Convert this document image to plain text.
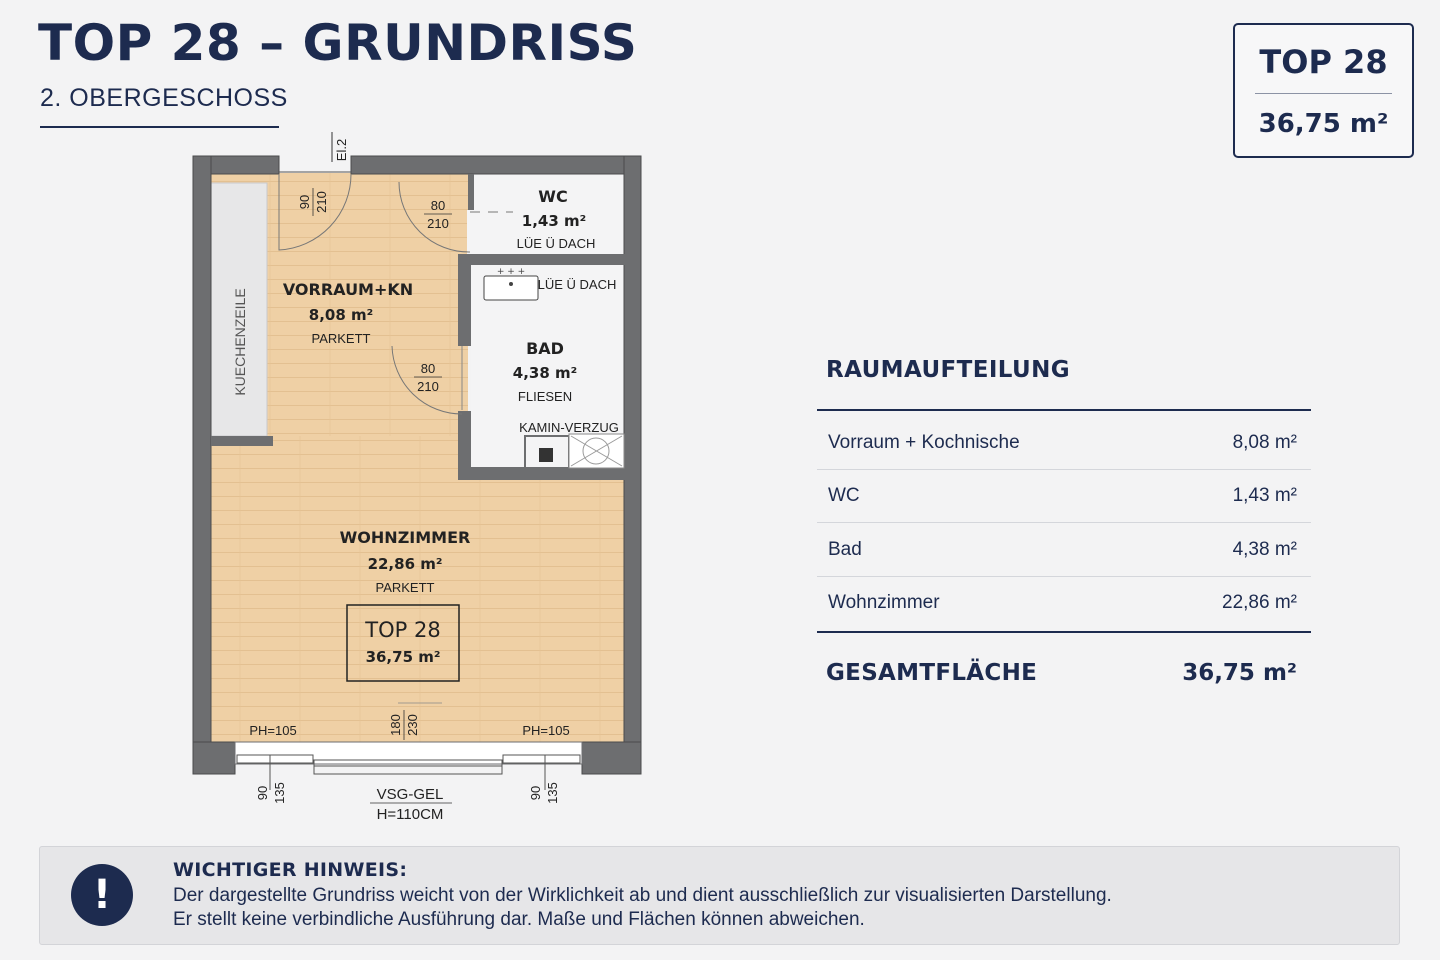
TOP 28 – GRUNDRISS
2. OBERGESCHOSS
TOP 28
36,75 m²
KUECHENZEILE
KAMIN-VERZUG
+ + +
El.2
90 210	80
210
80
210
VORRAUM+KN
8,08 m²
PARKETT
WC
1,43 m²
LÜE Ü DACH
LÜE Ü DACH
BAD
4,38 m²
FLIESEN
WOHNZIMMER
22,86 m²
PARKETT
TOP 28
36,75 m²
PH=105	PH=105
180 230
90 135	90 135
VSG-GEL
H=110CM
RAUMAUFTEILUNG
Vorraum + Kochnische	8,08 m²
WC	1,43 m²
Bad	4,38 m²
Wohnzimmer	22,86 m²
GESAMTFLÄCHE	36,75 m²
!
WICHTIGER HINWEIS:
Der dargestellte Grundriss weicht von der Wirklichkeit ab und dient ausschließlich zur visualisierten Darstellung.
Er stellt keine verbindliche Ausführung dar. Maße und Flächen können abweichen.
